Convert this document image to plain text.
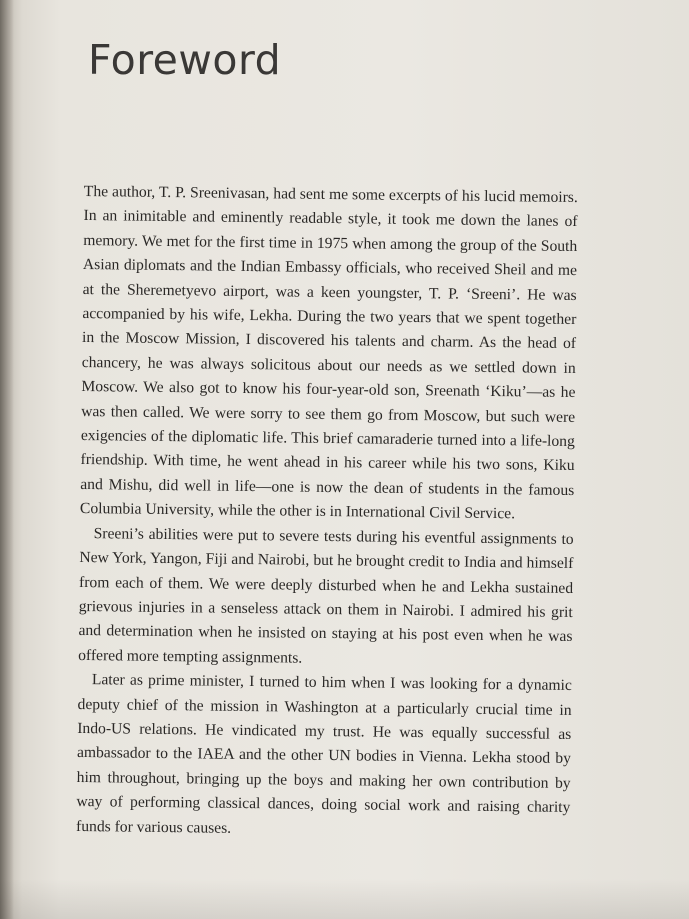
Foreword

The author, T. P. Sreenivasan, had sent me some excerpts of his lucid memoirs. In an inimitable and eminently readable style, it took me down the lanes of memory. We met for the first time in 1975 when among the group of the South Asian diplomats and the Indian Embassy officials, who received Sheil and me at the Sheremetyevo airport, was a keen youngster, T. P. ‘Sreeni’. He was accompanied by his wife, Lekha. During the two years that we spent together in the Moscow Mission, I discovered his talents and charm. As the head of chancery, he was always solicitous about our needs as we settled down in Moscow. We also got to know his four-year-old son, Sreenath ‘Kiku’—as he was then called. We were sorry to see them go from Moscow, but such were exigencies of the diplomatic life. This brief camaraderie turned into a life-long friendship. With time, he went ahead in his career while his two sons, Kiku and Mishu, did well in life—one is now the dean of students in the famous Columbia University, while the other is in International Civil Service.

Sreeni’s abilities were put to severe tests during his eventful assignments to New York, Yangon, Fiji and Nairobi, but he brought credit to India and himself from each of them. We were deeply disturbed when he and Lekha sustained grievous injuries in a senseless attack on them in Nairobi. I admired his grit and determination when he insisted on staying at his post even when he was offered more tempting assignments.

Later as prime minister, I turned to him when I was looking for a dynamic deputy chief of the mission in Washington at a particularly crucial time in Indo-US relations. He vindicated my trust. He was equally successful as ambassador to the IAEA and the other UN bodies in Vienna. Lekha stood by him throughout, bringing up the boys and making her own contribution by way of performing classical dances, doing social work and raising charity funds for various causes.
